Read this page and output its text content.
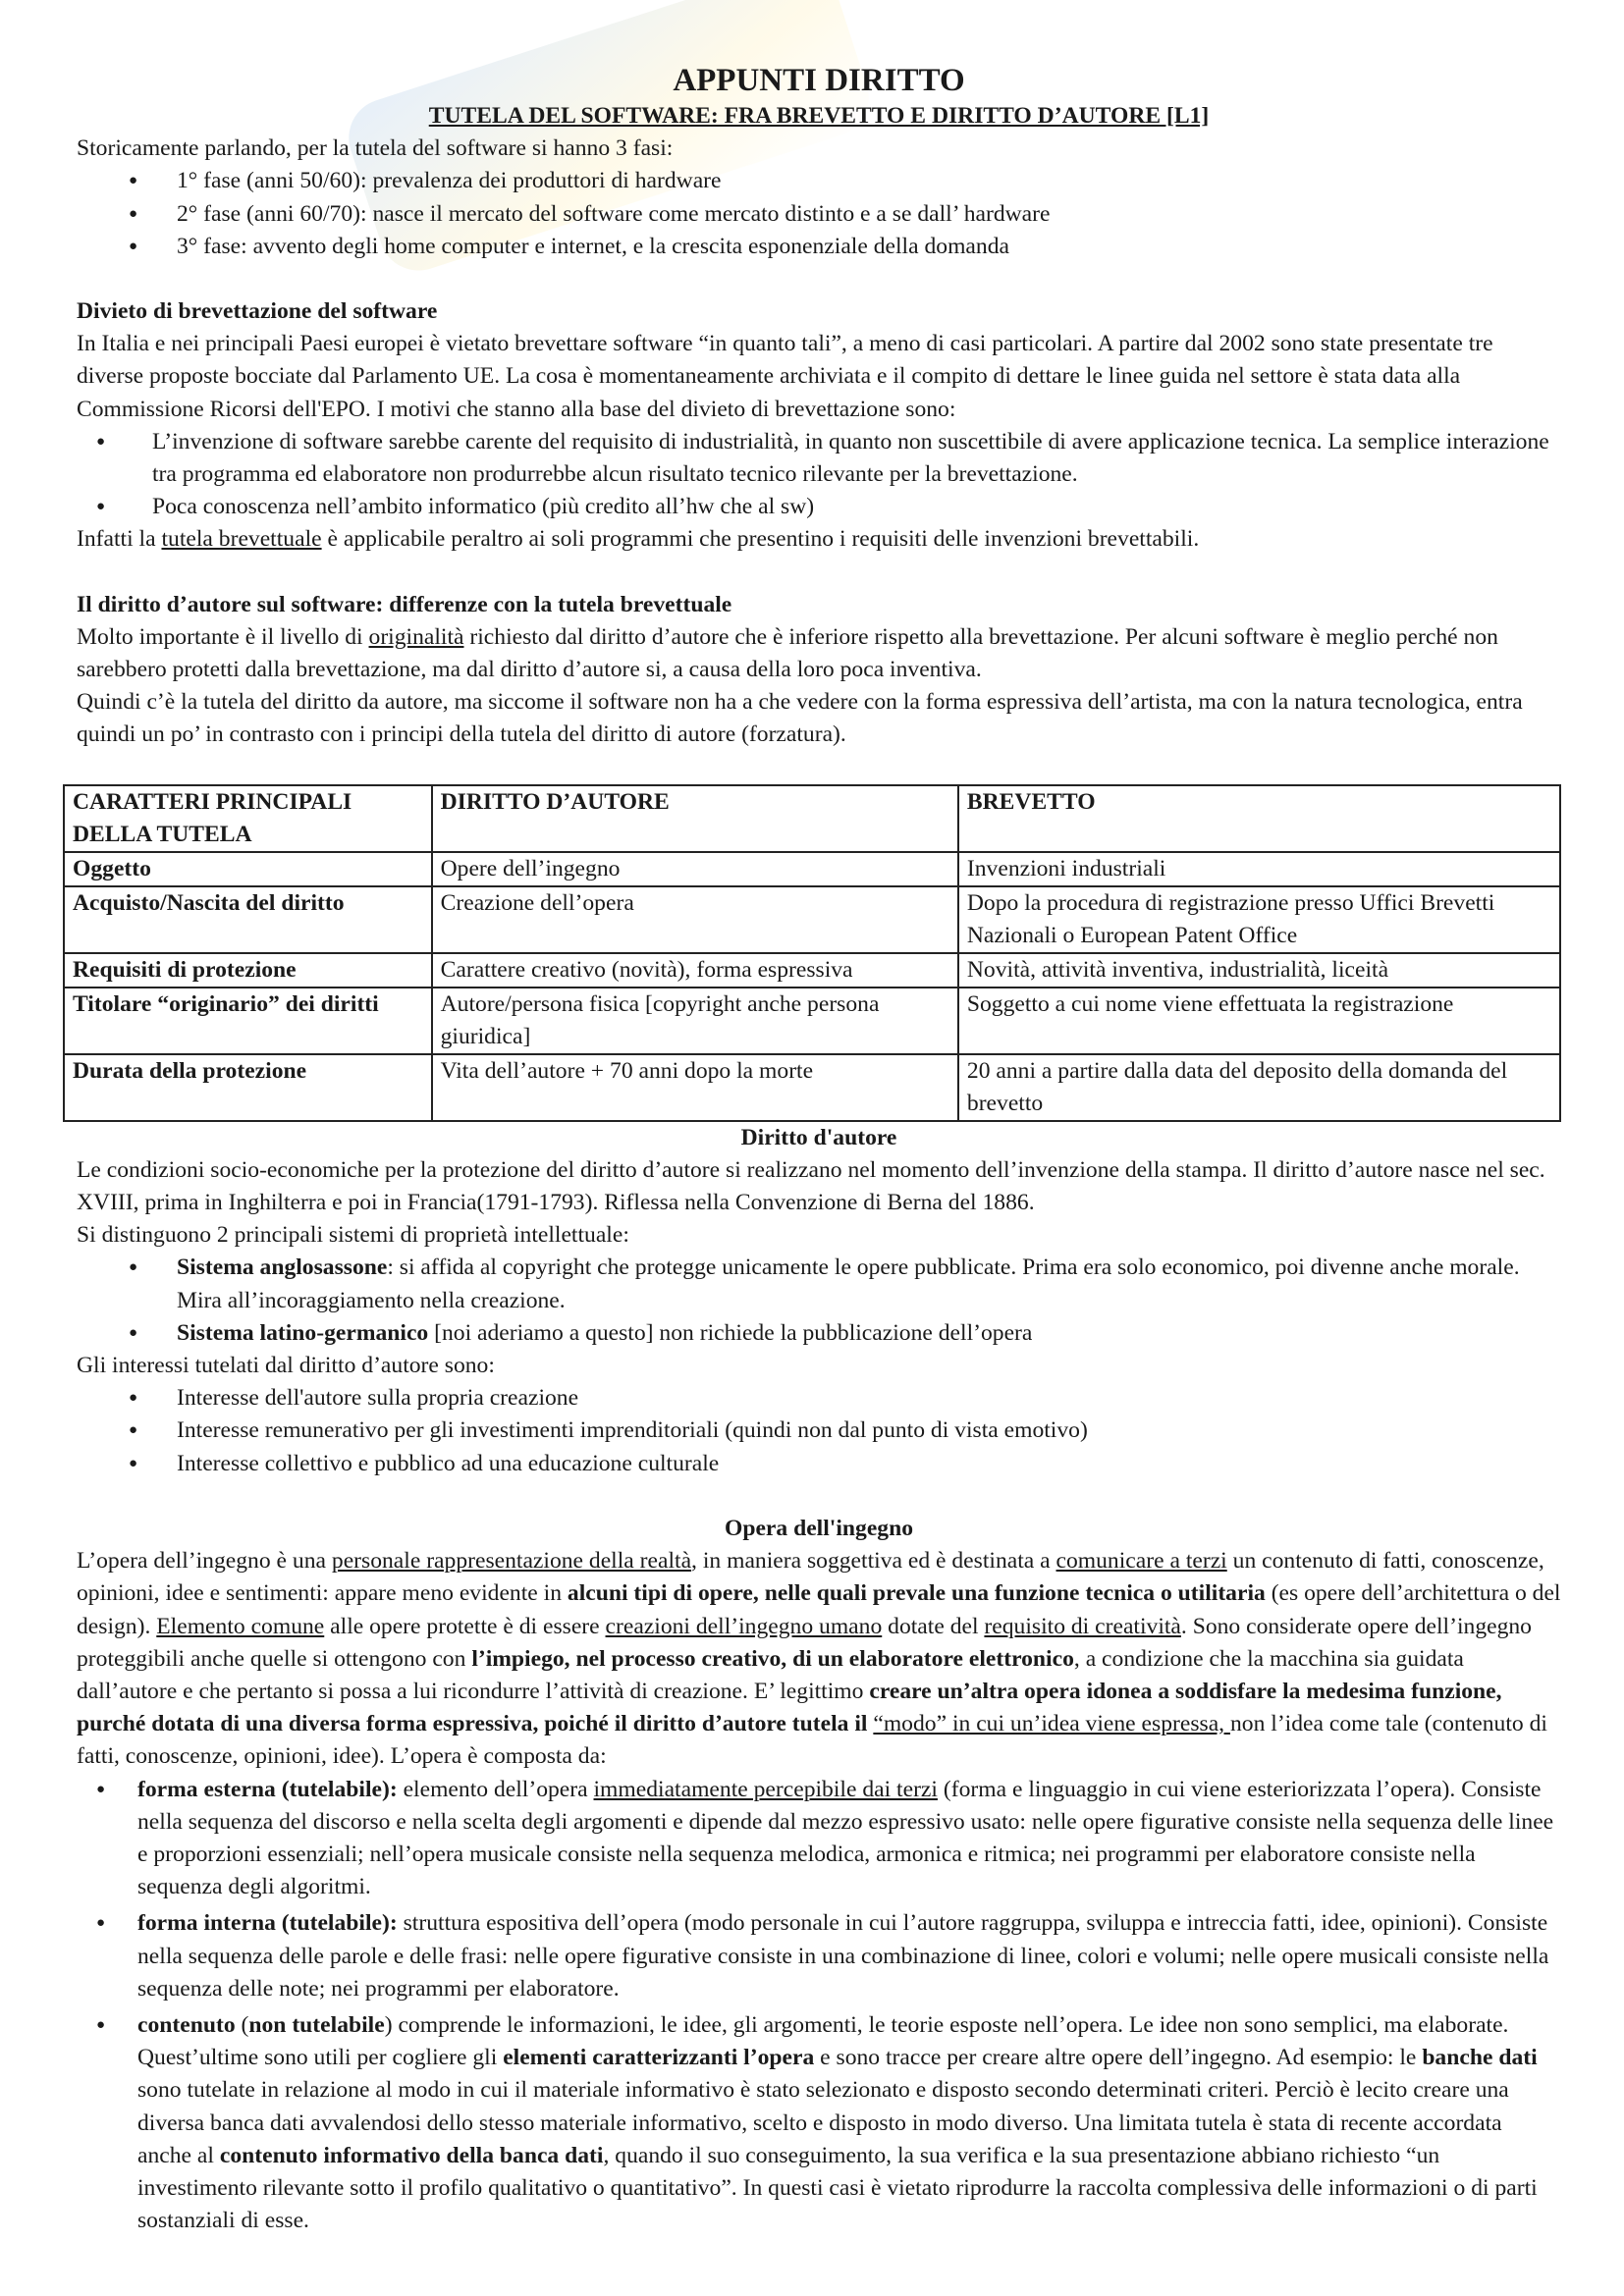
APPUNTI DIRITTO

TUTELA DEL SOFTWARE: FRA BREVETTO E DIRITTO D’AUTORE [L1]

Storicamente parlando, per la tutela del software si hanno 3 fasi:

● 1° fase (anni 50/60): prevalenza dei produttori di hardware
● 2° fase (anni 60/70): nasce il mercato del software come mercato distinto e a se dall’ hardware
● 3° fase: avvento degli home computer e internet, e la crescita esponenziale della domanda

Divieto di brevettazione del software

In Italia e nei principali Paesi europei è vietato brevettare software “in quanto tali”, a meno di casi particolari. A partire dal 2002 sono state presentate tre diverse proposte bocciate dal Parlamento UE. La cosa è momentaneamente archiviata e il compito di dettare le linee guida nel settore è stata data alla Commissione Ricorsi dell'EPO. I motivi che stanno alla base del divieto di brevettazione sono:

● L’invenzione di software sarebbe carente del requisito di industrialità, in quanto non suscettibile di avere applicazione tecnica. La semplice interazione tra programma ed elaboratore non produrrebbe alcun risultato tecnico rilevante per la brevettazione.
● Poca conoscenza nell’ambito informatico (più credito all’hw che al sw)

Infatti la tutela brevettuale è applicabile peraltro ai soli programmi che presentino i requisiti delle invenzioni brevettabili.

Il diritto d’autore sul software: differenze con la tutela brevettuale

Molto importante è il livello di originalità richiesto dal diritto d’autore che è inferiore rispetto alla brevettazione. Per alcuni software è meglio perché non sarebbero protetti dalla brevettazione, ma dal diritto d’autore si, a causa della loro poca inventiva.

Quindi c’è la tutela del diritto da autore, ma siccome il software non ha a che vedere con la forma espressiva dell’artista, ma con la natura tecnologica, entra quindi un po’ in contrasto con i principi della tutela del diritto di autore (forzatura).

CARATTERI PRINCIPALI DELLA TUTELA	DIRITTO D’AUTORE	BREVETTO
Oggetto	Opere dell’ingegno	Invenzioni industriali
Acquisto/Nascita del diritto	Creazione dell’opera	Dopo la procedura di registrazione presso Uffici Brevetti Nazionali o European Patent Office
Requisiti di protezione	Carattere creativo (novità), forma espressiva	Novità, attività inventiva, industrialità, liceità
Titolare “originario” dei diritti	Autore/persona fisica [copyright anche persona giuridica]	Soggetto a cui nome viene effettuata la registrazione
Durata della protezione	Vita dell’autore + 70 anni dopo la morte	20 anni a partire dalla data del deposito della domanda del brevetto

Diritto d'autore

Le condizioni socio-economiche per la protezione del diritto d’autore si realizzano nel momento dell’invenzione della stampa. Il diritto d’autore nasce nel sec. XVIII, prima in Inghilterra e poi in Francia(1791-1793). Riflessa nella Convenzione di Berna del 1886.

Si distinguono 2 principali sistemi di proprietà intellettuale:

● Sistema anglosassone: si affida al copyright che protegge unicamente le opere pubblicate. Prima era solo economico, poi divenne anche morale. Mira all’incoraggiamento nella creazione.
● Sistema latino-germanico [noi aderiamo a questo] non richiede la pubblicazione dell’opera

Gli interessi tutelati dal diritto d’autore sono:

● Interesse dell'autore sulla propria creazione
● Interesse remunerativo per gli investimenti imprenditoriali (quindi non dal punto di vista emotivo)
● Interesse collettivo e pubblico ad una educazione culturale

Opera dell'ingegno

L’opera dell’ingegno è una personale rappresentazione della realtà, in maniera soggettiva ed è destinata a comunicare a terzi un contenuto di fatti, conoscenze, opinioni, idee e sentimenti: appare meno evidente in alcuni tipi di opere, nelle quali prevale una funzione tecnica o utilitaria (es opere dell’architettura o del design). Elemento comune alle opere protette è di essere creazioni dell’ingegno umano dotate del requisito di creatività. Sono considerate opere dell’ingegno proteggibili anche quelle si ottengono con l’impiego, nel processo creativo, di un elaboratore elettronico, a condizione che la macchina sia guidata dall’autore e che pertanto si possa a lui ricondurre l’attività di creazione. E’ legittimo creare un’altra opera idonea a soddisfare la medesima funzione, purché dotata di una diversa forma espressiva, poiché il diritto d’autore tutela il “modo” in cui un’idea viene espressa, non l’idea come tale (contenuto di fatti, conoscenze, opinioni, idee). L’opera è composta da:

● forma esterna (tutelabile): elemento dell’opera immediatamente percepibile dai terzi (forma e linguaggio in cui viene esteriorizzata l’opera). Consiste nella sequenza del discorso e nella scelta degli argomenti e dipende dal mezzo espressivo usato: nelle opere figurative consiste nella sequenza delle linee e proporzioni essenziali; nell’opera musicale consiste nella sequenza melodica, armonica e ritmica; nei programmi per elaboratore consiste nella sequenza degli algoritmi.
● forma interna (tutelabile): struttura espositiva dell’opera (modo personale in cui l’autore raggruppa, sviluppa e intreccia fatti, idee, opinioni). Consiste nella sequenza delle parole e delle frasi: nelle opere figurative consiste in una combinazione di linee, colori e volumi; nelle opere musicali consiste nella sequenza delle note; nei programmi per elaboratore.
● contenuto (non tutelabile) comprende le informazioni, le idee, gli argomenti, le teorie esposte nell’opera. Le idee non sono semplici, ma elaborate. Quest’ultime sono utili per cogliere gli elementi caratterizzanti l’opera e sono tracce per creare altre opere dell’ingegno. Ad esempio: le banche dati sono tutelate in relazione al modo in cui il materiale informativo è stato selezionato e disposto secondo determinati criteri. Perciò è lecito creare una diversa banca dati avvalendosi dello stesso materiale informativo, scelto e disposto in modo diverso. Una limitata tutela è stata di recente accordata anche al contenuto informativo della banca dati, quando il suo conseguimento, la sua verifica e la sua presentazione abbiano richiesto “un investimento rilevante sotto il profilo qualitativo o quantitativo”. In questi casi è vietato riprodurre la raccolta complessiva delle informazioni o di parti sostanziali di esse.
